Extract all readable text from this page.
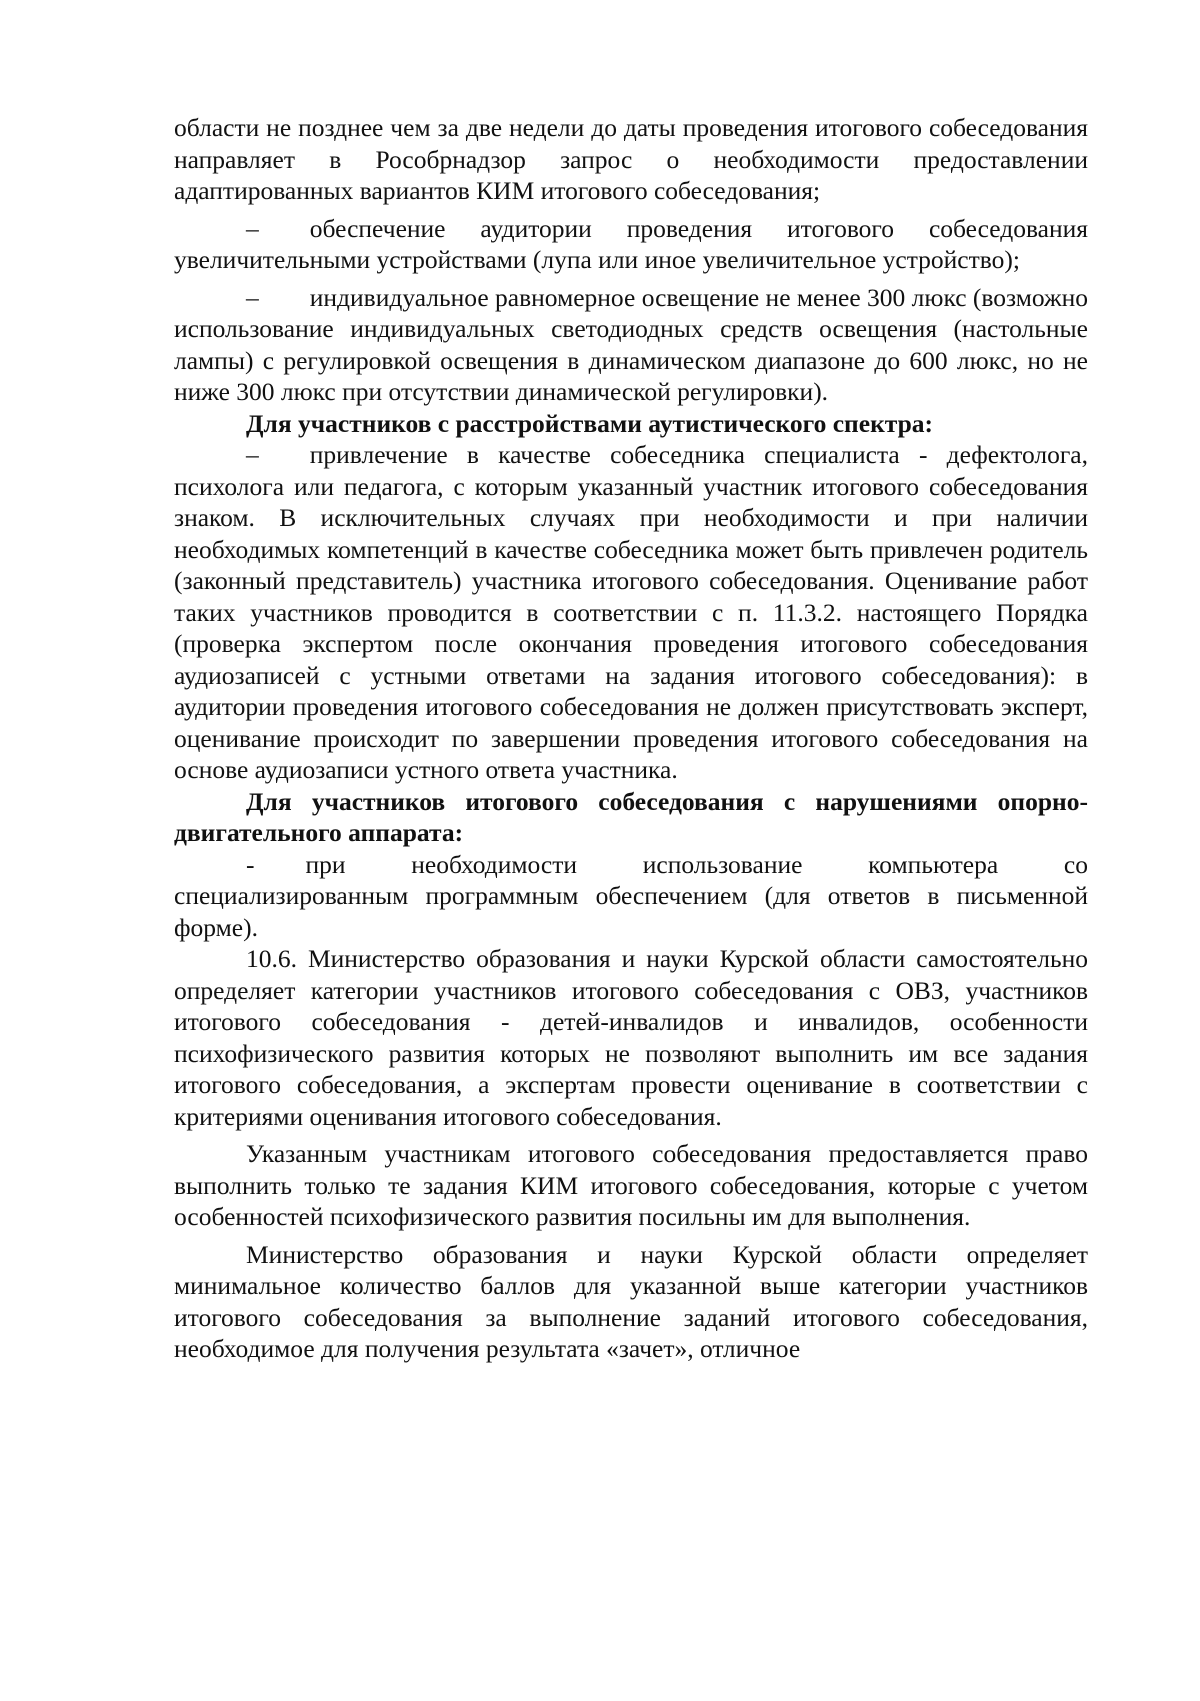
области не позднее чем за две недели до даты проведения итогового собеседования направляет в Рособрнадзор запрос о необходимости предоставлении адаптированных вариантов КИМ итогового собеседования;

–  обеспечение аудитории проведения итогового собеседования увеличительными устройствами (лупа или иное увеличительное устройство);

–  индивидуальное равномерное освещение не менее 300 люкс (возможно использование индивидуальных светодиодных средств освещения (настольные лампы) с регулировкой освещения в динамическом диапазоне до 600 люкс, но не ниже 300 люкс при отсутствии динамической регулировки).

Для участников с расстройствами аутистического спектра:

–  привлечение в качестве собеседника специалиста - дефектолога, психолога или педагога, с которым указанный участник итогового собеседования знаком. В исключительных случаях при необходимости и при наличии необходимых компетенций в качестве собеседника может быть привлечен родитель (законный представитель) участника итогового собеседования. Оценивание работ таких участников проводится в соответствии с п. 11.3.2. настоящего Порядка (проверка экспертом после окончания проведения итогового собеседования аудиозаписей с устными ответами на задания итогового собеседования): в аудитории проведения итогового собеседования не должен присутствовать эксперт, оценивание происходит по завершении проведения итогового собеседования на основе аудиозаписи устного ответа участника.

Для участников итогового собеседования с нарушениями опорно-двигательного аппарата:

-  при необходимости использование компьютера со специализированным программным обеспечением (для ответов в письменной форме).

10.6. Министерство образования и науки Курской области самостоятельно определяет категории участников итогового собеседования с ОВЗ, участников итогового собеседования - детей-инвалидов и инвалидов, особенности психофизического развития которых не позволяют выполнить им все задания итогового собеседования, а экспертам провести оценивание в соответствии с критериями оценивания итогового собеседования.

Указанным участникам итогового собеседования предоставляется право выполнить только те задания КИМ итогового собеседования, которые с учетом особенностей психофизического развития посильны им для выполнения.

Министерство образования и науки Курской области определяет минимальное количество баллов для указанной выше категории участников итогового собеседования за выполнение заданий итогового собеседования, необходимое для получения результата «зачет», отличное
